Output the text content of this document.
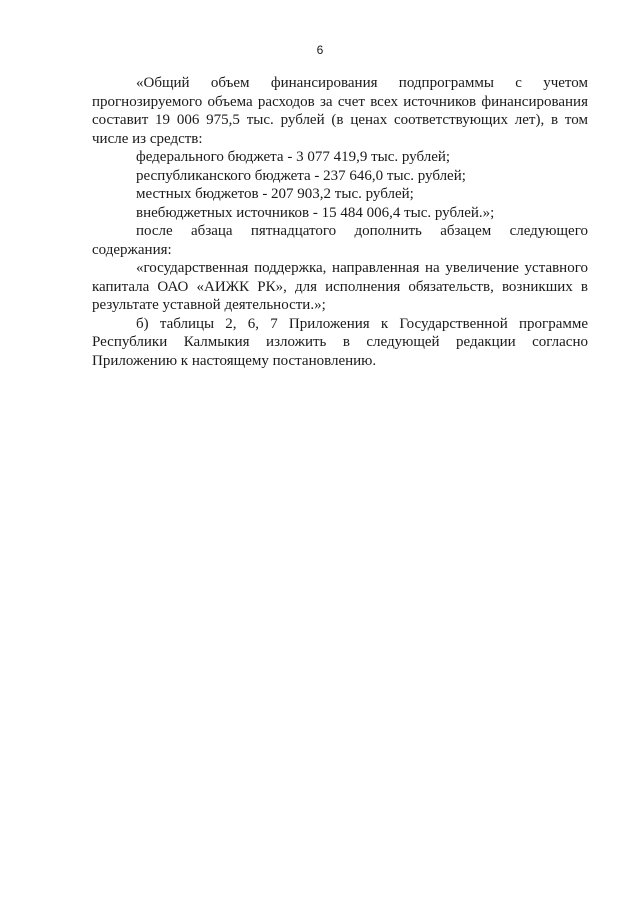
6

«Общий объем финансирования подпрограммы с учетом прогнозируемого объема расходов за счет всех источников финансирования составит 19 006 975,5 тыс. рублей (в ценах соответствующих лет), в том числе из средств:

федерального бюджета - 3 077 419,9 тыс. рублей;

республиканского бюджета - 237 646,0 тыс. рублей;

местных бюджетов - 207 903,2 тыс. рублей;

внебюджетных источников - 15 484 006,4 тыс. рублей.»;

после абзаца пятнадцатого дополнить абзацем следующего содержания:

«государственная поддержка, направленная на увеличение уставного капитала ОАО «АИЖК РК», для исполнения обязательств, возникших в результате уставной деятельности.»;

б) таблицы 2, 6, 7 Приложения к Государственной программе Республики Калмыкия изложить в следующей редакции согласно Приложению к настоящему постановлению.
